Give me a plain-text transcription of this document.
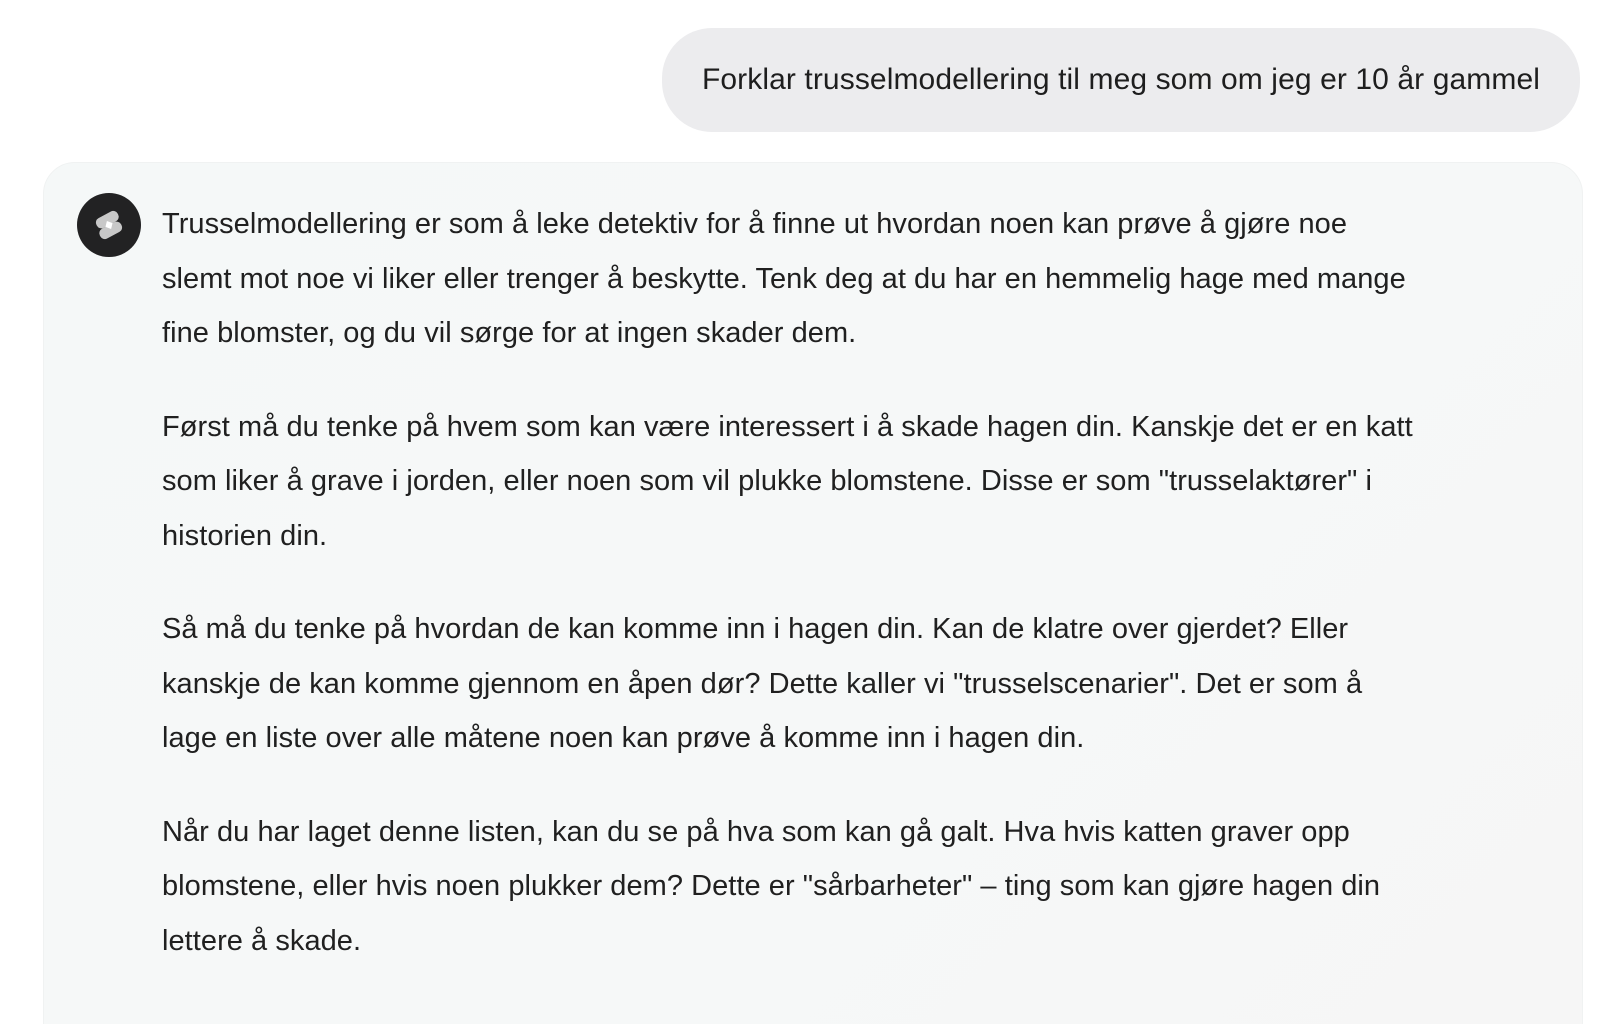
Forklar trusselmodellering til meg som om jeg er 10 år gammel

Trusselmodellering er som å leke detektiv for å finne ut hvordan noen kan prøve å gjøre noe slemt mot noe vi liker eller trenger å beskytte. Tenk deg at du har en hemmelig hage med mange fine blomster, og du vil sørge for at ingen skader dem.

Først må du tenke på hvem som kan være interessert i å skade hagen din. Kanskje det er en katt som liker å grave i jorden, eller noen som vil plukke blomstene. Disse er som "trusselaktører" i historien din.

Så må du tenke på hvordan de kan komme inn i hagen din. Kan de klatre over gjerdet? Eller kanskje de kan komme gjennom en åpen dør? Dette kaller vi "trusselscenarier". Det er som å lage en liste over alle måtene noen kan prøve å komme inn i hagen din.

Når du har laget denne listen, kan du se på hva som kan gå galt. Hva hvis katten graver opp blomstene, eller hvis noen plukker dem? Dette er "sårbarheter" – ting som kan gjøre hagen din lettere å skade.
